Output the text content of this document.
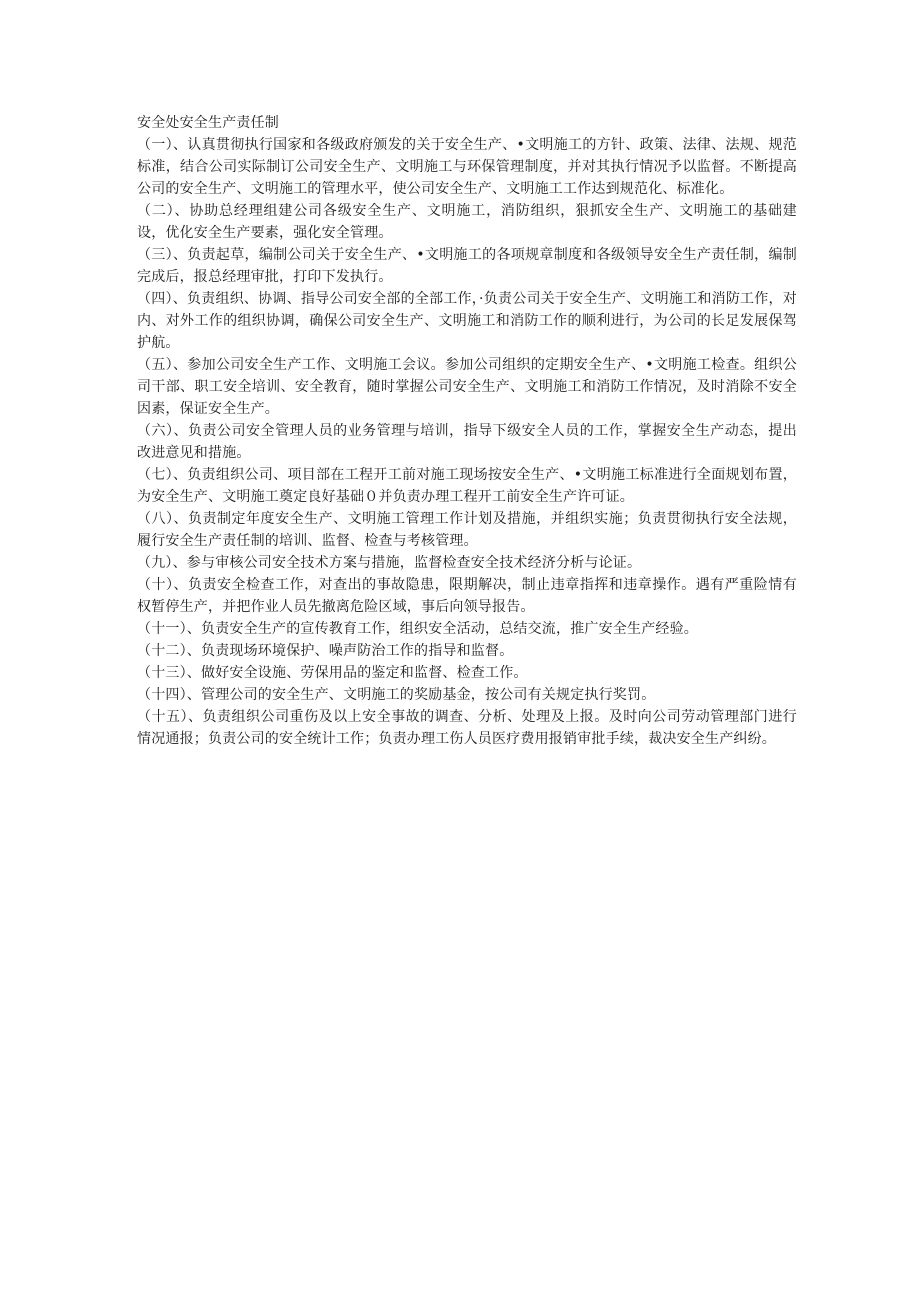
安全处安全生产责任制

（一）、认真贯彻执行国家和各级政府颁发的关于安全生产、•文明施工的方针、政策、法律、法规、规范标准，结合公司实际制订公司安全生产、文明施工与环保管理制度，并对其执行情况予以监督。不断提高公司的安全生产、文明施工的管理水平，使公司安全生产、文明施工工作达到规范化、标准化。

（二）、协助总经理组建公司各级安全生产、文明施工，消防组织，狠抓安全生产、文明施工的基础建设，优化安全生产要素，强化安全管理。

（三）、负责起草，编制公司关于安全生产、•文明施工的各项规章制度和各级领导安全生产责任制，编制完成后，报总经理审批，打印下发执行。

（四）、负责组织、协调、指导公司安全部的全部工作，·负责公司关于安全生产、文明施工和消防工作，对内、对外工作的组织协调，确保公司安全生产、文明施工和消防工作的顺利进行，为公司的长足发展保驾护航。

（五）、参加公司安全生产工作、文明施工会议。参加公司组织的定期安全生产、•文明施工检查。组织公司干部、职工安全培训、安全教育，随时掌握公司安全生产、文明施工和消防工作情况，及时消除不安全因素，保证安全生产。

（六）、负责公司安全管理人员的业务管理与培训，指导下级安全人员的工作，掌握安全生产动态，提出改进意见和措施。

（七）、负责组织公司、项目部在工程开工前对施工现场按安全生产、•文明施工标准进行全面规划布置，为安全生产、文明施工奠定良好基础０并负责办理工程开工前安全生产许可证。

（八）、负责制定年度安全生产、文明施工管理工作计划及措施，并组织实施；负责贯彻执行安全法规，履行安全生产责任制的培训、监督、检查与考核管理。

（九）、参与审核公司安全技术方案与措施，监督检查安全技术经济分析与论证。

（十）、负责安全检查工作，对查出的事故隐患，限期解决，制止违章指挥和违章操作。遇有严重险情有权暂停生产，并把作业人员先撤离危险区域，事后向领导报告。

（十一）、负责安全生产的宣传教育工作，组织安全活动，总结交流，推广安全生产经验。

（十二）、负责现场环境保护、噪声防治工作的指导和监督。

（十三）、做好安全设施、劳保用品的鉴定和监督、检查工作。

（十四）、管理公司的安全生产、文明施工的奖励基金，按公司有关规定执行奖罚。

（十五）、负责组织公司重伤及以上安全事故的调查、分析、处理及上报。及时向公司劳动管理部门进行情况通报；负责公司的安全统计工作；负责办理工伤人员医疗费用报销审批手续，裁决安全生产纠纷。
